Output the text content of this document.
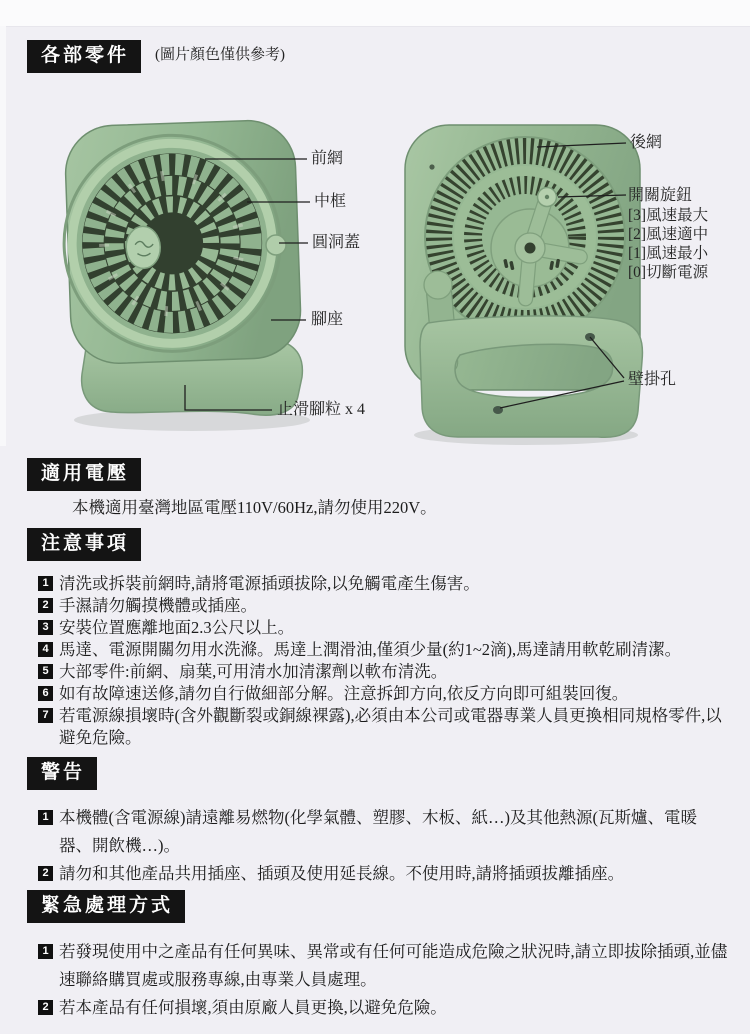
各部零件 (圖片顏色僅供參考)
前網
中框
圓洞蓋
腳座
止滑腳粒 x 4
後網
開關旋鈕
[3]風速最大
[2]風速適中
[1]風速最小
[0]切斷電源
壁掛孔
適用電壓
本機適用臺灣地區電壓110V/60Hz,請勿使用220V。
注意事項
1 清洗或拆裝前網時,請將電源插頭拔除,以免觸電產生傷害。
2 手濕請勿觸摸機體或插座。
3 安裝位置應離地面2.3公尺以上。
4 馬達、電源開關勿用水洗滌。馬達上潤滑油,僅須少量(約1~2滴),馬達請用軟乾刷清潔。
5 大部零件:前網、扇葉,可用清水加清潔劑以軟布清洗。
6 如有故障速送修,請勿自行做細部分解。注意拆卸方向,依反方向即可組裝回復。
7 若電源線損壞時(含外觀斷裂或銅線裸露),必須由本公司或電器專業人員更換相同規格零件,以避免危險。
警告
1 本機體(含電源線)請遠離易燃物(化學氣體、塑膠、木板、紙…)及其他熱源(瓦斯爐、電暖器、開飲機…)。
2 請勿和其他產品共用插座、插頭及使用延長線。不使用時,請將插頭拔離插座。
緊急處理方式
1 若發現使用中之產品有任何異味、異常或有任何可能造成危險之狀況時,請立即拔除插頭,並儘速聯絡購買處或服務專線,由專業人員處理。
2 若本產品有任何損壞,須由原廠人員更換,以避免危險。
